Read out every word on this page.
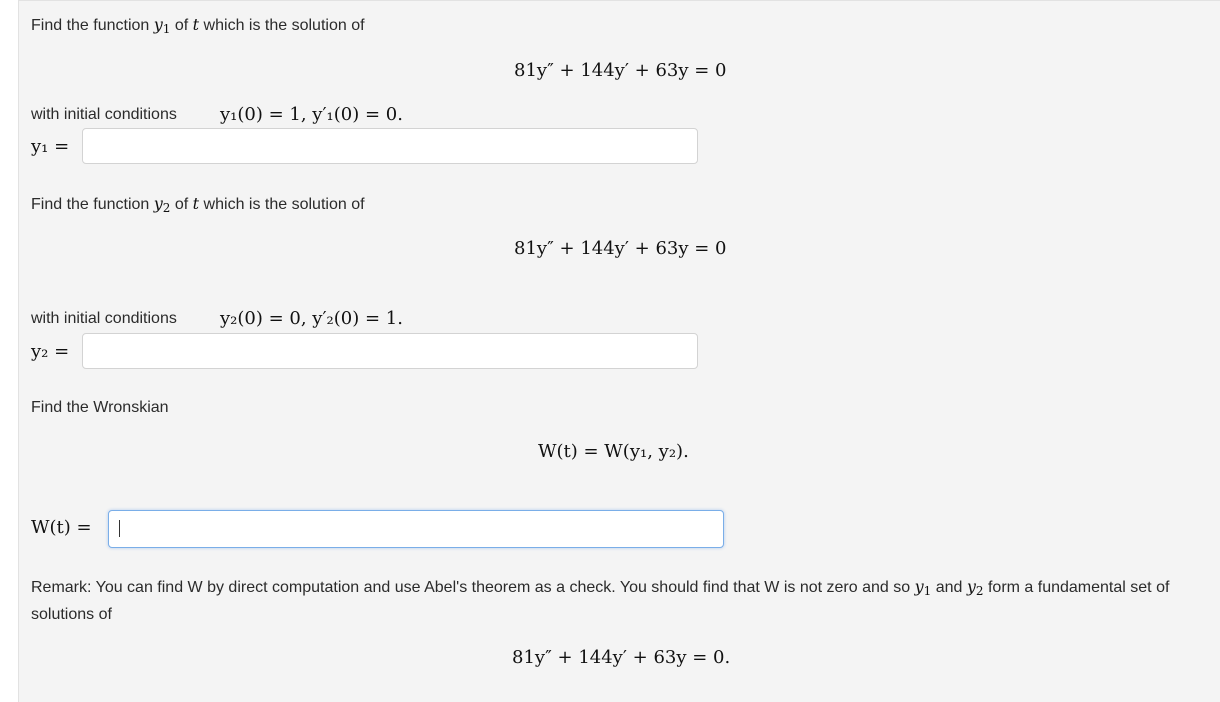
Find the function $y_1$ of t which is the solution of
81y″ + 144y′ + 63y = 0
with initial conditions y₁(0) = 1, y′₁(0) = 0.
y₁ =
Find the function $y_2$ of t which is the solution of
81y″ + 144y′ + 63y = 0
with initial conditions y₂(0) = 0, y′₂(0) = 1.
y₂ =
Find the Wronskian
W(t) = W(y₁, y₂).
W(t) =
Remark: You can find W by direct computation and use Abel's theorem as a check. You should find that W is not zero and so $y_1$ and $y_2$ form a fundamental set of solutions of
81y″ + 144y′ + 63y = 0.
